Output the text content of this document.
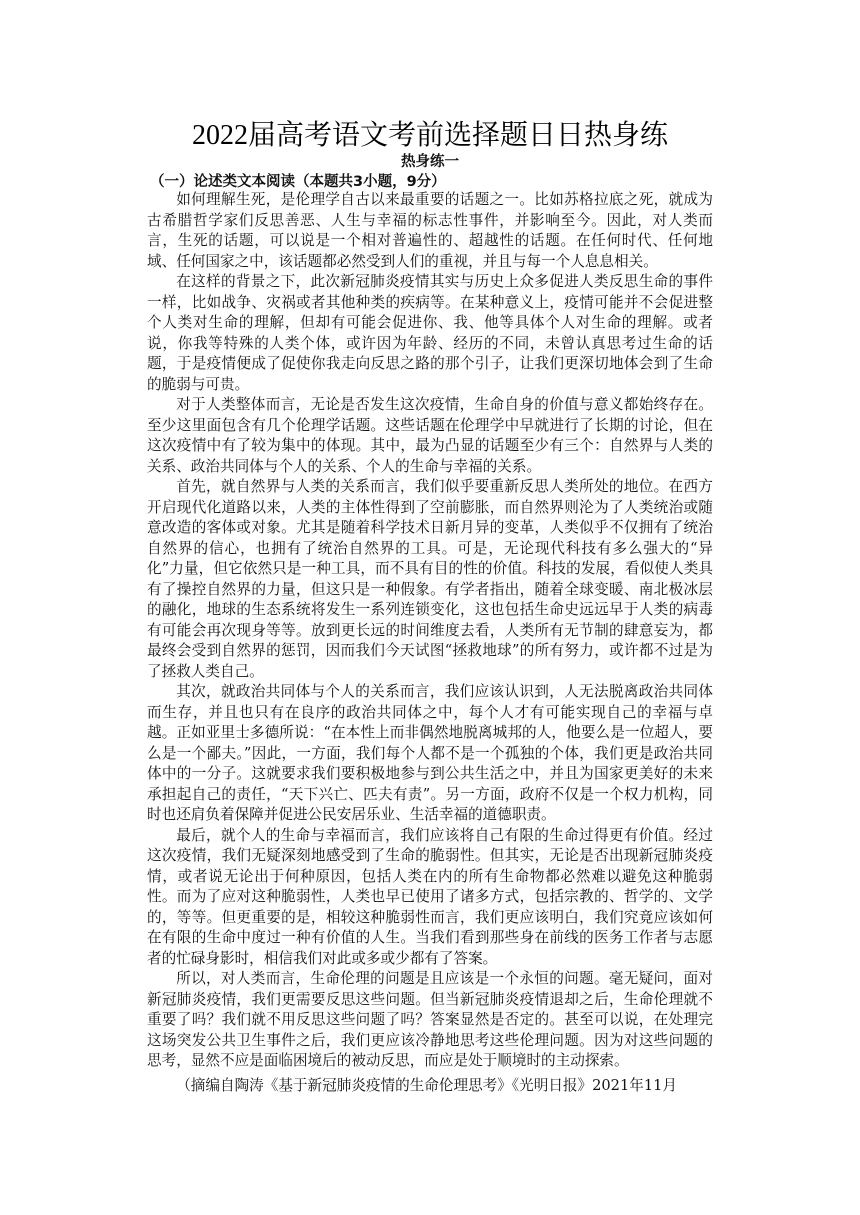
2022届高考语文考前选择题日日热身练
热身练一
（一）论述类文本阅读（本题共3小题，9分）

如何理解生死，是伦理学自古以来最重要的话题之一。比如苏格拉底之死，就成为古希腊哲学家们反思善恶、人生与幸福的标志性事件，并影响至今。因此，对人类而言，生死的话题，可以说是一个相对普遍性的、超越性的话题。在任何时代、任何地域、任何国家之中，该话题都必然受到人们的重视，并且与每一个人息息相关。

在这样的背景之下，此次新冠肺炎疫情其实与历史上众多促进人类反思生命的事件一样，比如战争、灾祸或者其他种类的疾病等。在某种意义上，疫情可能并不会促进整个人类对生命的理解，但却有可能会促进你、我、他等具体个人对生命的理解。或者说，你我等特殊的人类个体，或许因为年龄、经历的不同，未曾认真思考过生命的话题，于是疫情便成了促使你我走向反思之路的那个引子，让我们更深切地体会到了生命的脆弱与可贵。

对于人类整体而言，无论是否发生这次疫情，生命自身的价值与意义都始终存在。至少这里面包含有几个伦理学话题。这些话题在伦理学中早就进行了长期的讨论，但在这次疫情中有了较为集中的体现。其中，最为凸显的话题至少有三个：自然界与人类的关系、政治共同体与个人的关系、个人的生命与幸福的关系。

首先，就自然界与人类的关系而言，我们似乎要重新反思人类所处的地位。在西方开启现代化道路以来，人类的主体性得到了空前膨胀，而自然界则沦为了人类统治或随意改造的客体或对象。尤其是随着科学技术日新月异的变革，人类似乎不仅拥有了统治自然界的信心，也拥有了统治自然界的工具。可是，无论现代科技有多么强大的“异化”力量，但它依然只是一种工具，而不具有目的性的价值。科技的发展，看似使人类具有了操控自然界的力量，但这只是一种假象。有学者指出，随着全球变暖、南北极冰层的融化，地球的生态系统将发生一系列连锁变化，这也包括生命史远远早于人类的病毒有可能会再次现身等等。放到更长远的时间维度去看，人类所有无节制的肆意妄为，都最终会受到自然界的惩罚，因而我们今天试图“拯救地球”的所有努力，或许都不过是为了拯救人类自己。

其次，就政治共同体与个人的关系而言，我们应该认识到，人无法脱离政治共同体而生存，并且也只有在良序的政治共同体之中，每个人才有可能实现自己的幸福与卓越。正如亚里士多德所说：“在本性上而非偶然地脱离城邦的人，他要么是一位超人，要么是一个鄙夫。”因此，一方面，我们每个人都不是一个孤独的个体，我们更是政治共同体中的一分子。这就要求我们要积极地参与到公共生活之中，并且为国家更美好的未来承担起自己的责任，“天下兴亡、匹夫有责”。另一方面，政府不仅是一个权力机构，同时也还肩负着保障并促进公民安居乐业、生活幸福的道德职责。

最后，就个人的生命与幸福而言，我们应该将自己有限的生命过得更有价值。经过这次疫情，我们无疑深刻地感受到了生命的脆弱性。但其实，无论是否出现新冠肺炎疫情，或者说无论出于何种原因，包括人类在内的所有生命物都必然难以避免这种脆弱性。而为了应对这种脆弱性，人类也早已使用了诸多方式，包括宗教的、哲学的、文学的，等等。但更重要的是，相较这种脆弱性而言，我们更应该明白，我们究竟应该如何在有限的生命中度过一种有价值的人生。当我们看到那些身在前线的医务工作者与志愿者的忙碌身影时，相信我们对此或多或少都有了答案。

所以，对人类而言，生命伦理的问题是且应该是一个永恒的问题。毫无疑问，面对新冠肺炎疫情，我们更需要反思这些问题。但当新冠肺炎疫情退却之后，生命伦理就不重要了吗？我们就不用反思这些问题了吗？答案显然是否定的。甚至可以说，在处理完这场突发公共卫生事件之后，我们更应该冷静地思考这些伦理问题。因为对这些问题的思考，显然不应是面临困境后的被动反思，而应是处于顺境时的主动探索。

（摘编自陶涛《基于新冠肺炎疫情的生命伦理思考》《光明日报》2021年11月
